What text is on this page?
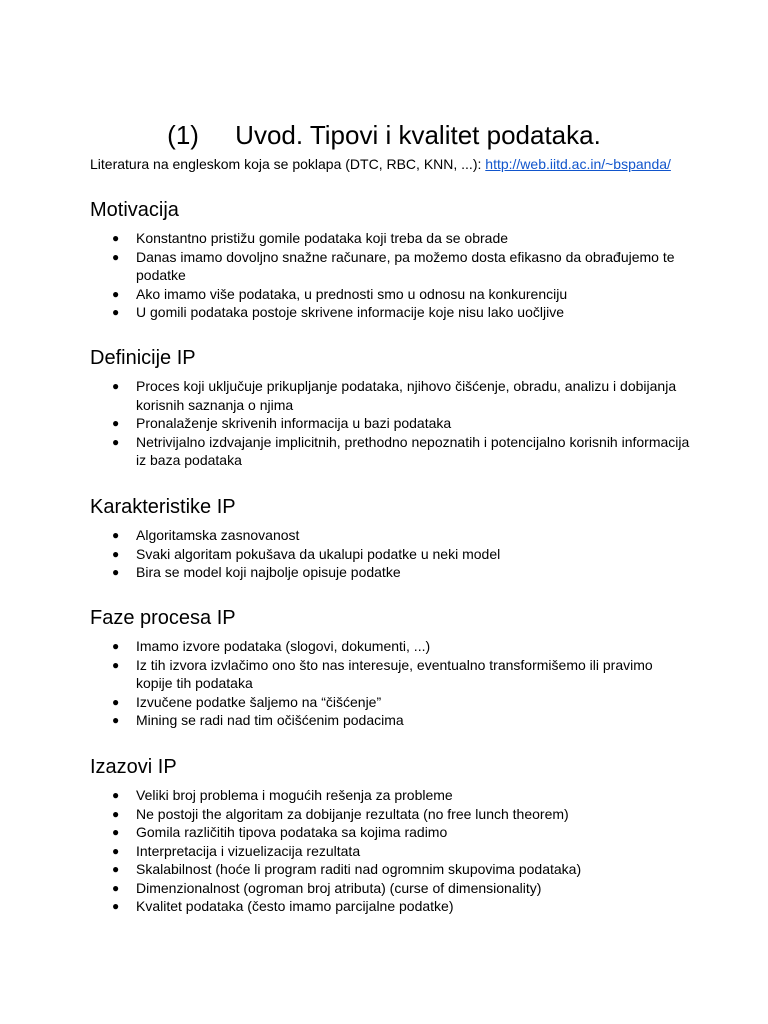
(1) Uvod. Tipovi i kvalitet podataka.
Literatura na engleskom koja se poklapa (DTC, RBC, KNN, ...): http://web.iitd.ac.in/~bspanda/
Motivacija
● Konstantno pristižu gomile podataka koji treba da se obrade
● Danas imamo dovoljno snažne računare, pa možemo dosta efikasno da obrađujemo te podatke
● Ako imamo više podataka, u prednosti smo u odnosu na konkurenciju
● U gomili podataka postoje skrivene informacije koje nisu lako uočljive
Definicije IP
● Proces koji uključuje prikupljanje podataka, njihovo čišćenje, obradu, analizu i dobijanja korisnih saznanja o njima
● Pronalaženje skrivenih informacija u bazi podataka
● Netrivijalno izdvajanje implicitnih, prethodno nepoznatih i potencijalno korisnih informacija iz baza podataka
Karakteristike IP
● Algoritamska zasnovanost
● Svaki algoritam pokušava da ukalupi podatke u neki model
● Bira se model koji najbolje opisuje podatke
Faze procesa IP
● Imamo izvore podataka (slogovi, dokumenti, ...)
● Iz tih izvora izvlačimo ono što nas interesuje, eventualno transformišemo ili pravimo kopije tih podataka
● Izvučene podatke šaljemo na “čišćenje”
● Mining se radi nad tim očišćenim podacima
Izazovi IP
● Veliki broj problema i mogućih rešenja za probleme
● Ne postoji the algoritam za dobijanje rezultata (no free lunch theorem)
● Gomila različitih tipova podataka sa kojima radimo
● Interpretacija i vizuelizacija rezultata
● Skalabilnost (hoće li program raditi nad ogromnim skupovima podataka)
● Dimenzionalnost (ogroman broj atributa) (curse of dimensionality)
● Kvalitet podataka (često imamo parcijalne podatke)
